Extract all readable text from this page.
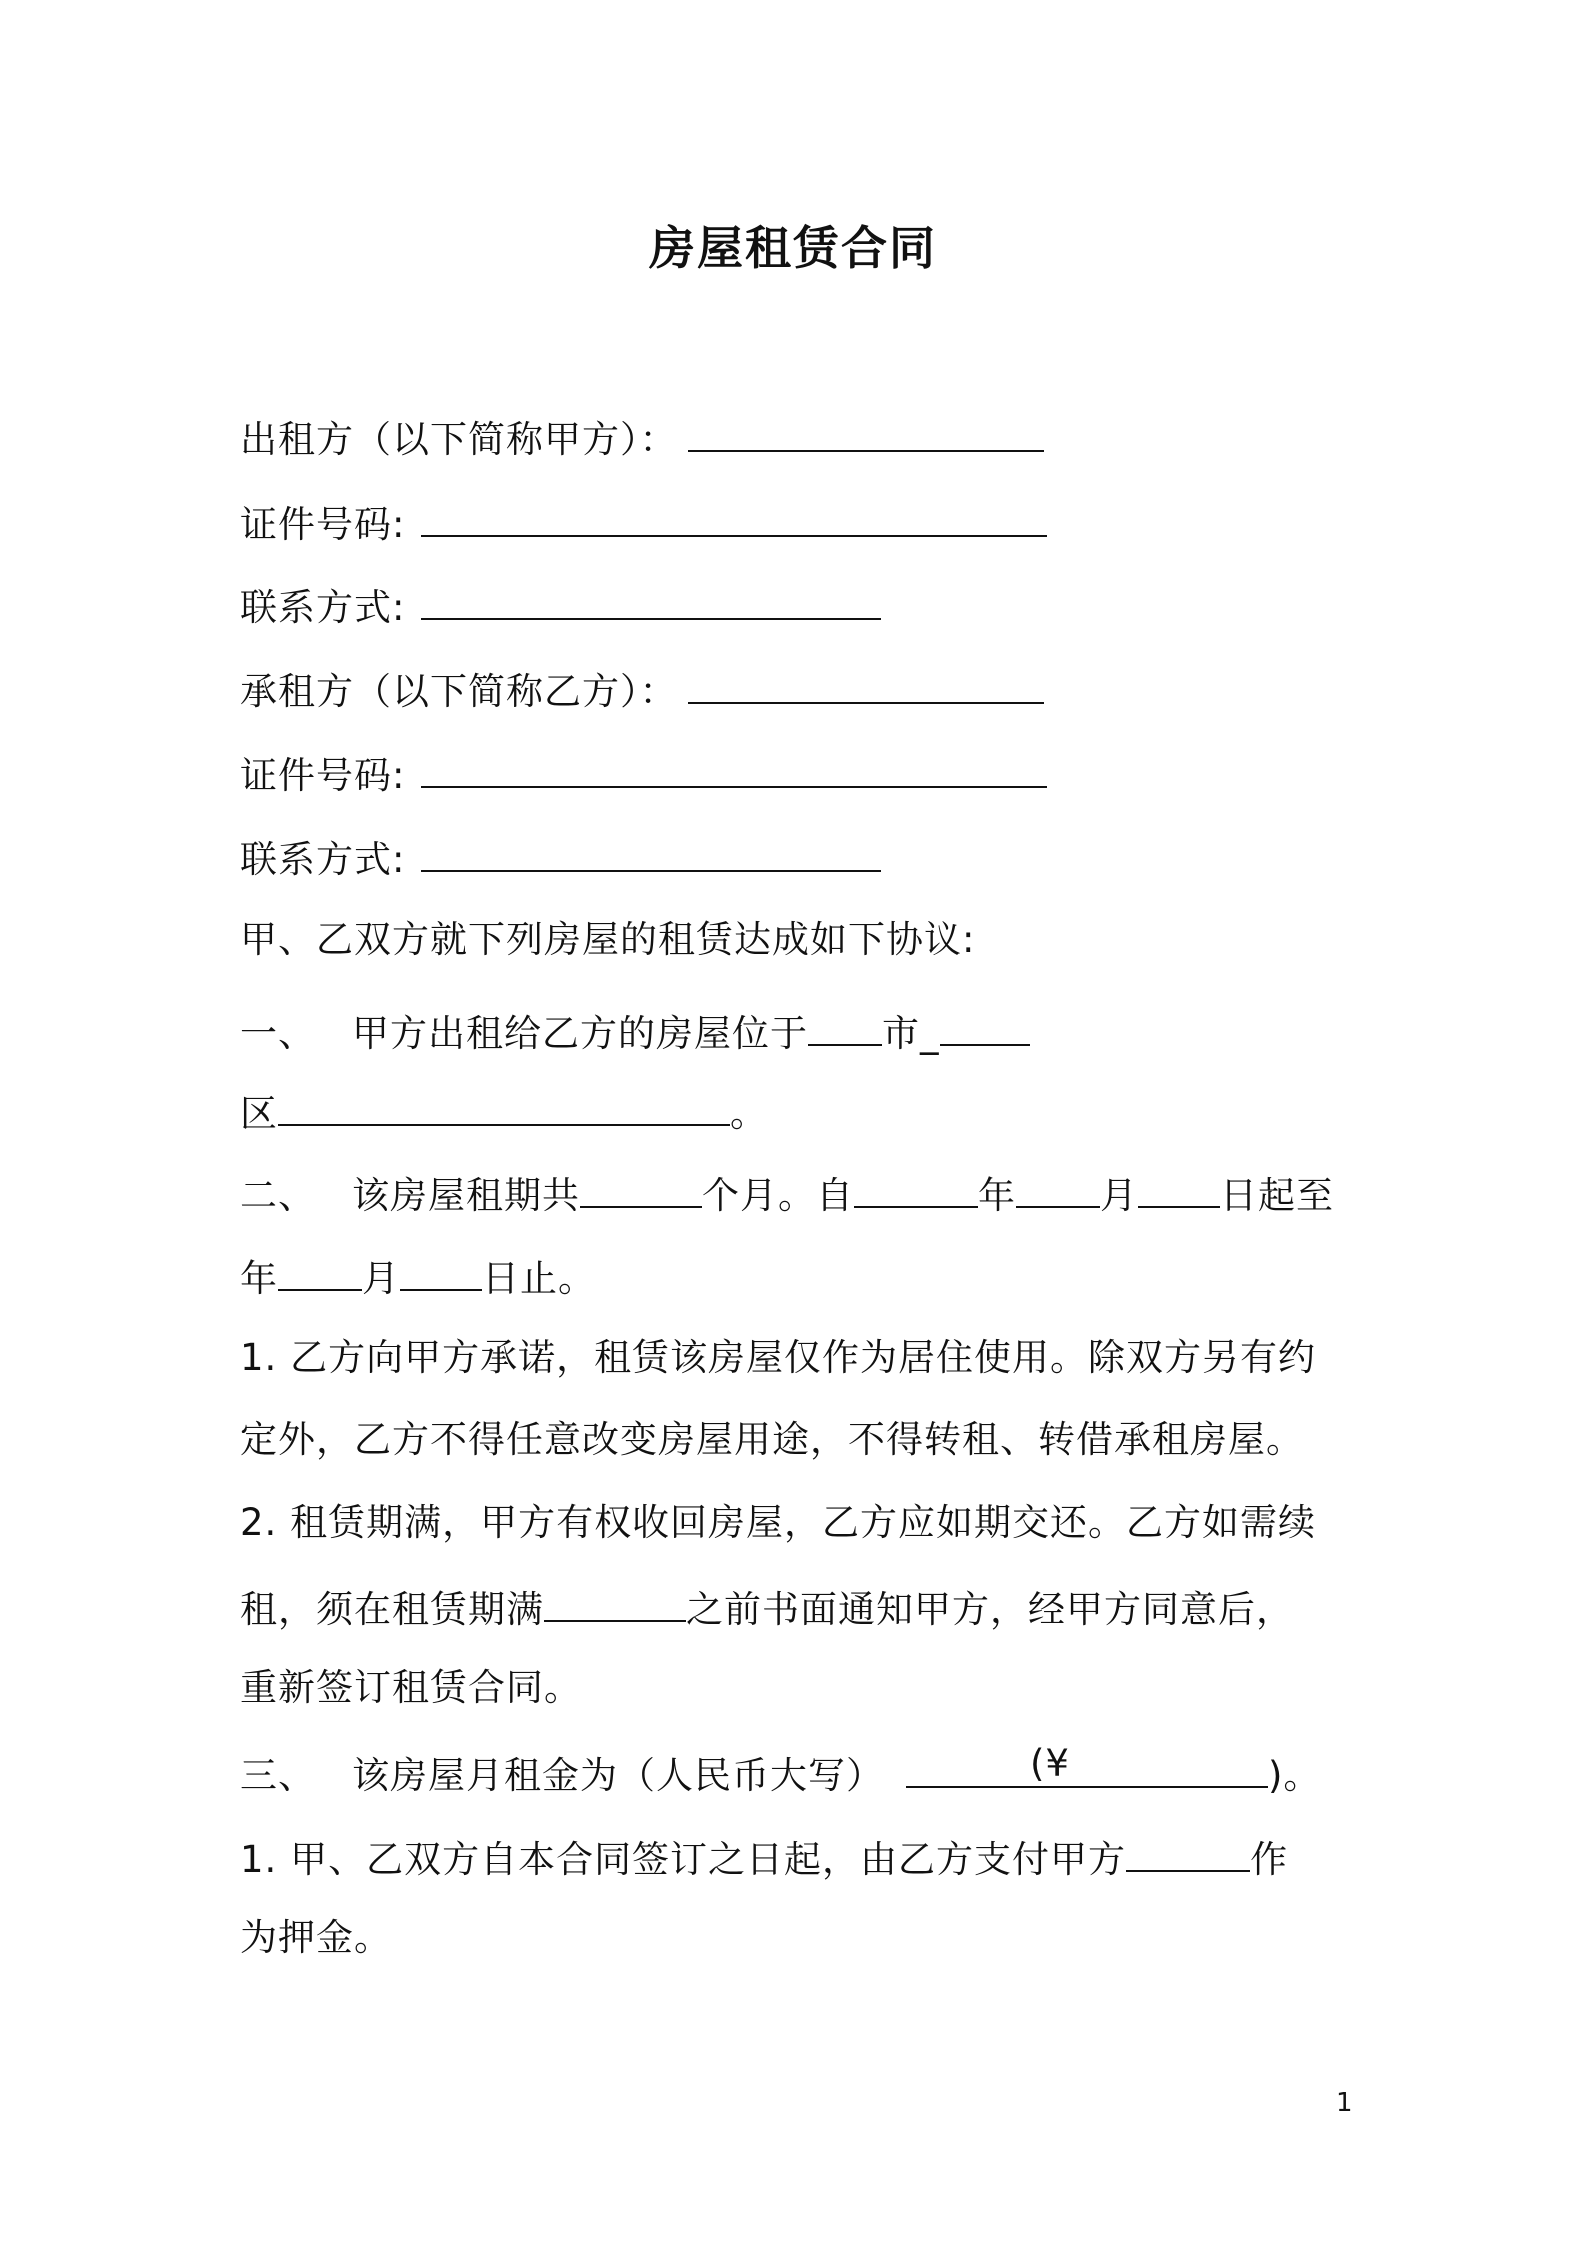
房屋租赁合同
出租方（以下简称甲方）：
证件号码:
联系方式:
承租方（以下简称乙方）：
证件号码:
联系方式:
甲、乙双方就下列房屋的租赁达成如下协议:
一、 甲方出租给乙方的房屋位于 市_
区	。
二、 该房屋租期共	个月。自	年 月 日起至
年 月 日止。
1. 乙方向甲方承诺，租赁该房屋仅作为居住使用。除双方另有约
定外，乙方不得任意改变房屋用途，不得转租、转借承租房屋。
2. 租赁期满，甲方有权收回房屋，乙方应如期交还。乙方如需续
租，须在租赁期满	之前书面通知甲方，经甲方同意后，
重新签订租赁合同。
三、 该房屋月租金为（人民币大写）	(¥	)。
1. 甲、乙双方自本合同签订之日起，由乙方支付甲方	作
为押金。
1
